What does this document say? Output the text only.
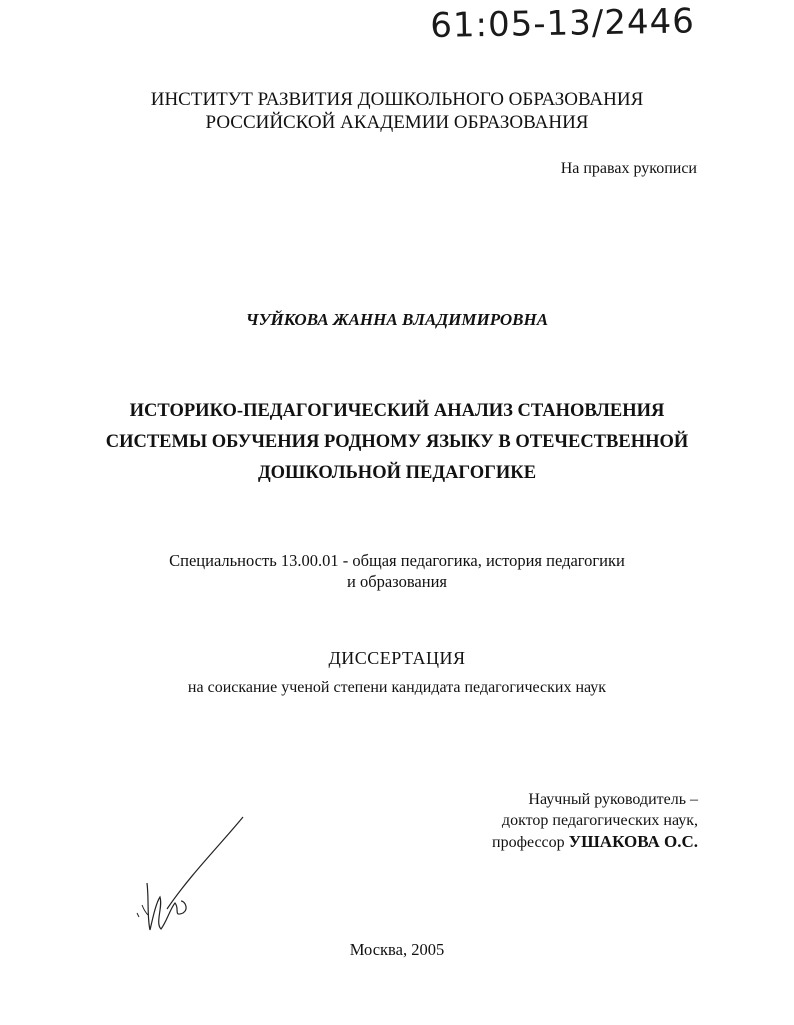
61:05-13/2446
ИНСТИТУТ РАЗВИТИЯ ДОШКОЛЬНОГО ОБРАЗОВАНИЯ
РОССИЙСКОЙ АКАДЕМИИ ОБРАЗОВАНИЯ
На правах рукописи
ЧУЙКОВА ЖАННА ВЛАДИМИРОВНА
ИСТОРИКО-ПЕДАГОГИЧЕСКИЙ АНАЛИЗ СТАНОВЛЕНИЯ
СИСТЕМЫ ОБУЧЕНИЯ РОДНОМУ ЯЗЫКУ В ОТЕЧЕСТВЕННОЙ
ДОШКОЛЬНОЙ ПЕДАГОГИКЕ
Специальность 13.00.01 - общая педагогика, история педагогики
и образования
ДИССЕРТАЦИЯ
на соискание ученой степени кандидата педагогических наук
Научный руководитель –
доктор педагогических наук,
профессор УШАКОВА О.С.
Москва, 2005
